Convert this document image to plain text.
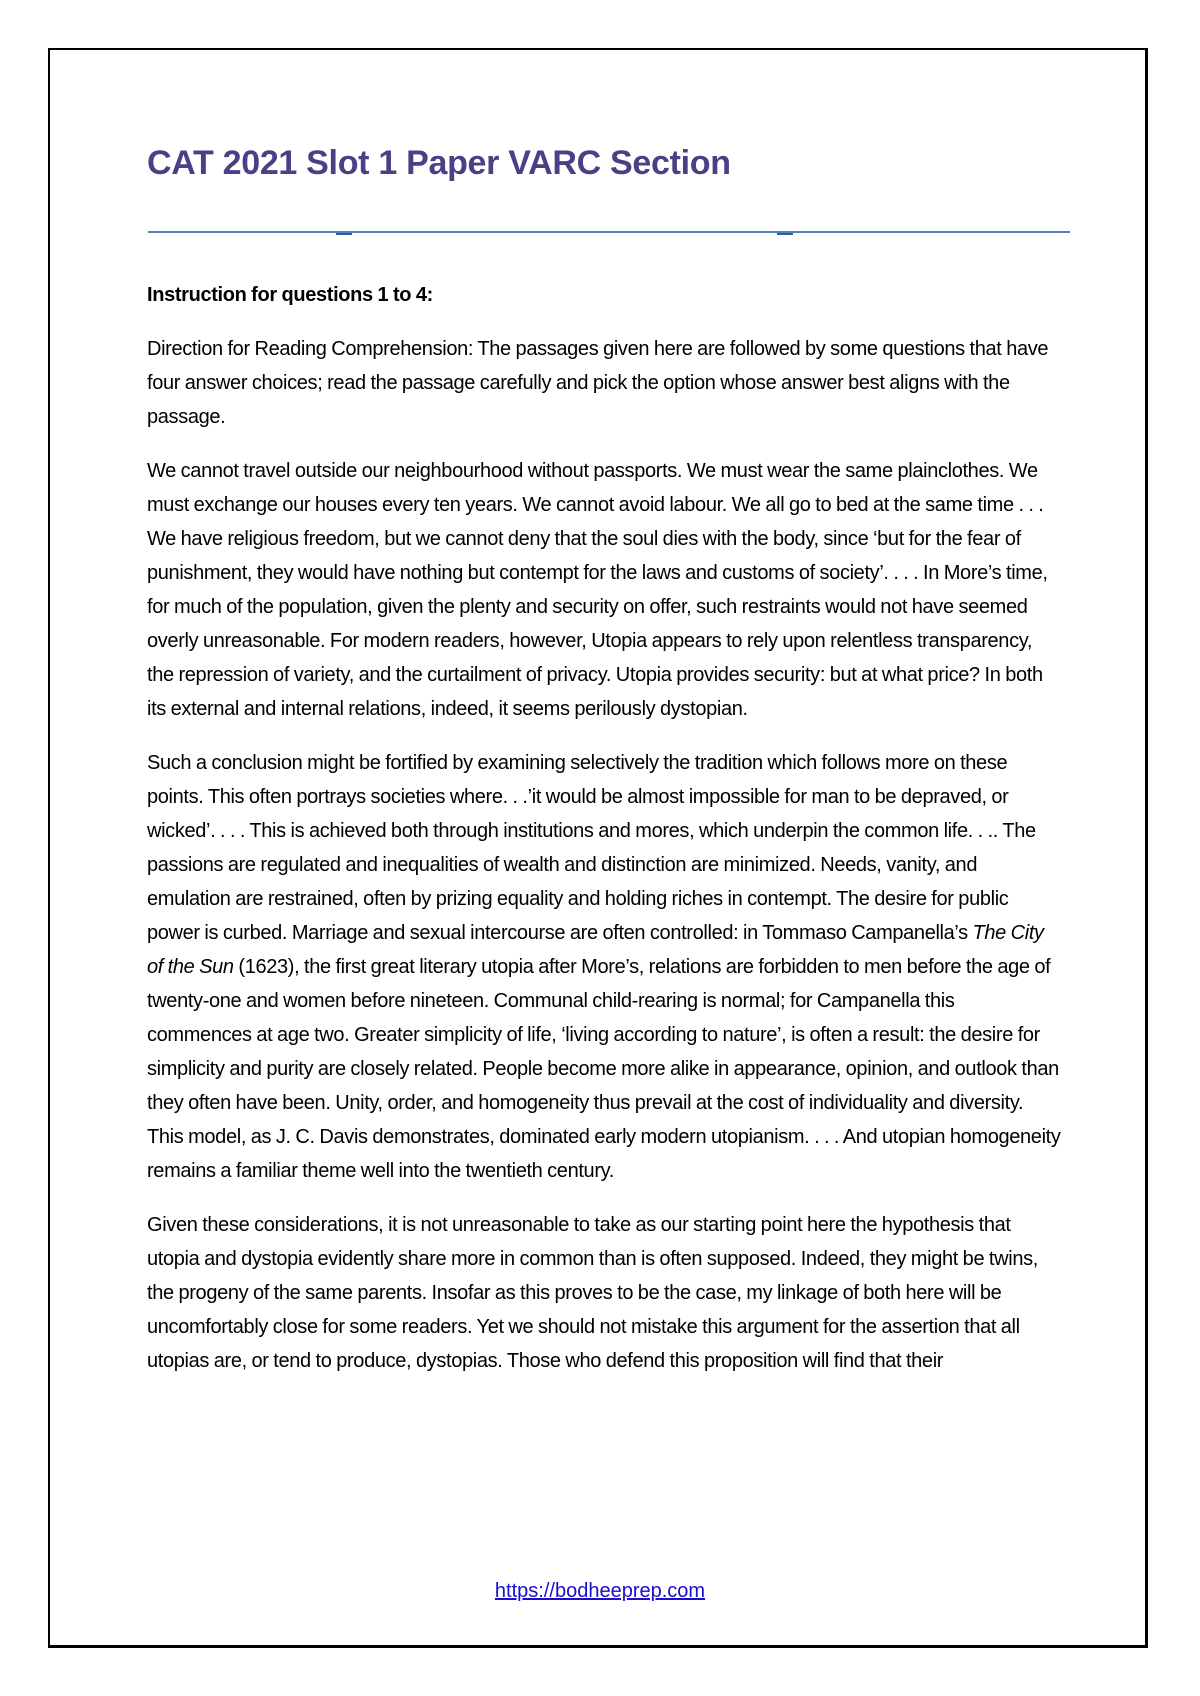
CAT 2021 Slot 1 Paper VARC Section

Instruction for questions 1 to 4:

Direction for Reading Comprehension: The passages given here are followed by some questions that have four answer choices; read the passage carefully and pick the option whose answer best aligns with the passage.

We cannot travel outside our neighbourhood without passports. We must wear the same plainclothes. We must exchange our houses every ten years. We cannot avoid labour. We all go to bed at the same time . . . We have religious freedom, but we cannot deny that the soul dies with the body, since ‘but for the fear of punishment, they would have nothing but contempt for the laws and customs of society’. . . . In More’s time, for much of the population, given the plenty and security on offer, such restraints would not have seemed overly unreasonable. For modern readers, however, Utopia appears to rely upon relentless transparency, the repression of variety, and the curtailment of privacy. Utopia provides security: but at what price? In both its external and internal relations, indeed, it seems perilously dystopian.

Such a conclusion might be fortified by examining selectively the tradition which follows more on these points. This often portrays societies where. . .’it would be almost impossible for man to be depraved, or wicked’. . . . This is achieved both through institutions and mores, which underpin the common life. . .. The passions are regulated and inequalities of wealth and distinction are minimized. Needs, vanity, and emulation are restrained, often by prizing equality and holding riches in contempt. The desire for public power is curbed. Marriage and sexual intercourse are often controlled: in Tommaso Campanella’s The City of the Sun (1623), the first great literary utopia after More’s, relations are forbidden to men before the age of twenty-one and women before nineteen. Communal child-rearing is normal; for Campanella this commences at age two. Greater simplicity of life, ‘living according to nature’, is often a result: the desire for simplicity and purity are closely related. People become more alike in appearance, opinion, and outlook than they often have been. Unity, order, and homogeneity thus prevail at the cost of individuality and diversity. This model, as J. C. Davis demonstrates, dominated early modern utopianism. . . . And utopian homogeneity remains a familiar theme well into the twentieth century.

Given these considerations, it is not unreasonable to take as our starting point here the hypothesis that utopia and dystopia evidently share more in common than is often supposed. Indeed, they might be twins, the progeny of the same parents. Insofar as this proves to be the case, my linkage of both here will be uncomfortably close for some readers. Yet we should not mistake this argument for the assertion that all utopias are, or tend to produce, dystopias. Those who defend this proposition will find that their

https://bodheeprep.com
